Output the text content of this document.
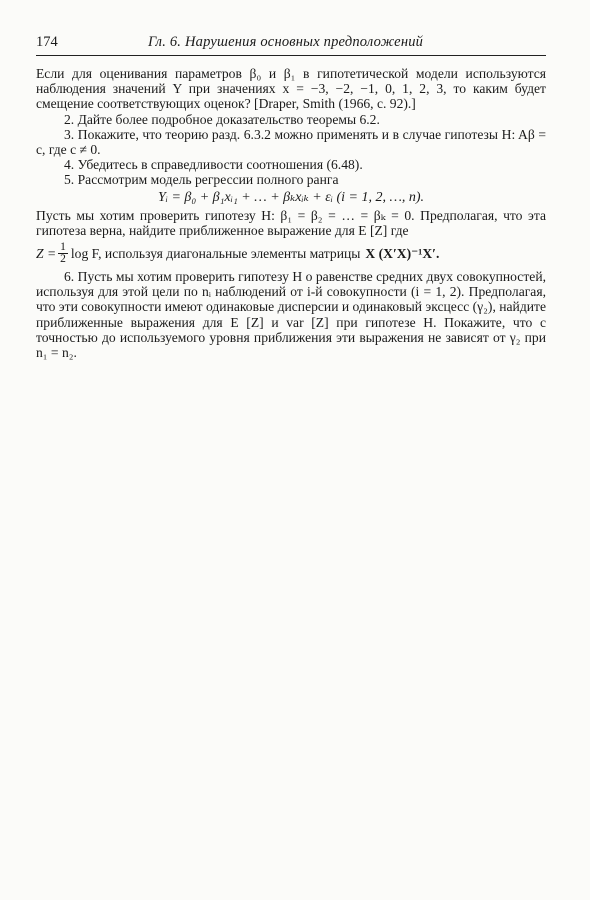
174	Гл. 6. Нарушения основных предположений

Если для оценивания параметров β₀ и β₁ в гипотетической модели используются наблюдения значений Y при значениях x = −3, −2, −1, 0, 1, 2, 3, то каким будет смещение соответствующих оценок? [Draper, Smith (1966, с. 92).]

2. Дайте более подробное доказательство теоремы 6.2.

3. Покажите, что теорию разд. 6.3.2 можно применять и в случае гипотезы H: Aβ = c, где c ≠ 0.

4. Убедитесь в справедливости соотношения (6.48).

5. Рассмотрим модель регрессии полного ранга

Yᵢ = β₀ + β₁xᵢ₁ + … + βₖxᵢₖ + εᵢ (i = 1, 2, …, n).

Пусть мы хотим проверить гипотезу H: β₁ = β₂ = … = βₖ = 0. Предполагая, что эта гипотеза верна, найдите приближенное выражение для E [Z] где

$Z = \frac{1}{2}$ log F, используя диагональные элементы матрицы X (X′X)⁻¹X′.

6. Пусть мы хотим проверить гипотезу H о равенстве средних двух совокупностей, используя для этой цели по nᵢ наблюдений от i-й совокупности (i = 1, 2). Предполагая, что эти совокупности имеют одинаковые дисперсии и одинаковый эксцесс (γ₂), найдите приближенные выражения для E [Z] и var [Z] при гипотезе H. Покажите, что с точностью до используемого уровня приближения эти выражения не зависят от γ₂ при n₁ = n₂.
